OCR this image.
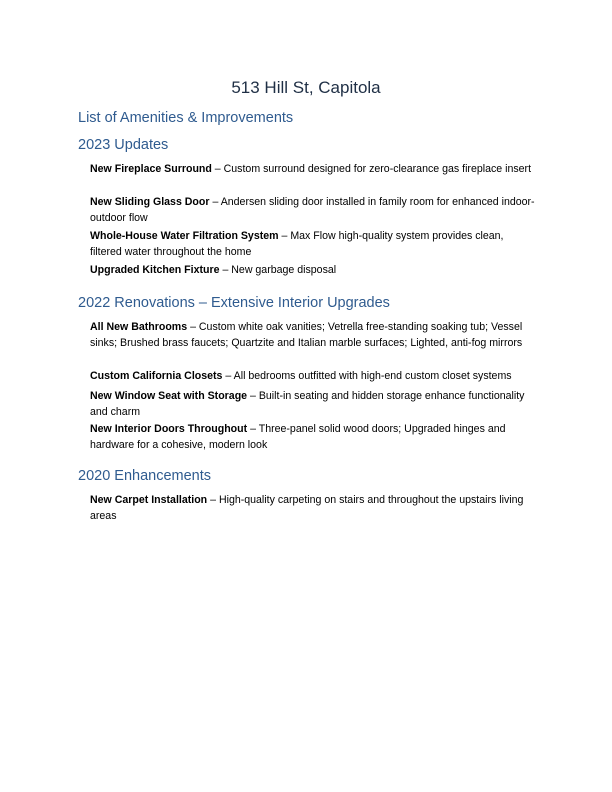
513 Hill St, Capitola
List of Amenities & Improvements
2023 Updates

New Fireplace Surround – Custom surround designed for zero-clearance gas fireplace insert

New Sliding Glass Door – Andersen sliding door installed in family room for enhanced indoor-outdoor flow

Whole-House Water Filtration System – Max Flow high-quality system provides clean, filtered water throughout the home

Upgraded Kitchen Fixture – New garbage disposal

2022 Renovations – Extensive Interior Upgrades

All New Bathrooms – Custom white oak vanities; Vetrella free-standing soaking tub; Vessel sinks; Brushed brass faucets; Quartzite and Italian marble surfaces; Lighted, anti-fog mirrors

Custom California Closets – All bedrooms outfitted with high-end custom closet systems

New Window Seat with Storage – Built-in seating and hidden storage enhance functionality and charm

New Interior Doors Throughout – Three-panel solid wood doors; Upgraded hinges and hardware for a cohesive, modern look

2020 Enhancements

New Carpet Installation – High-quality carpeting on stairs and throughout the upstairs living areas
